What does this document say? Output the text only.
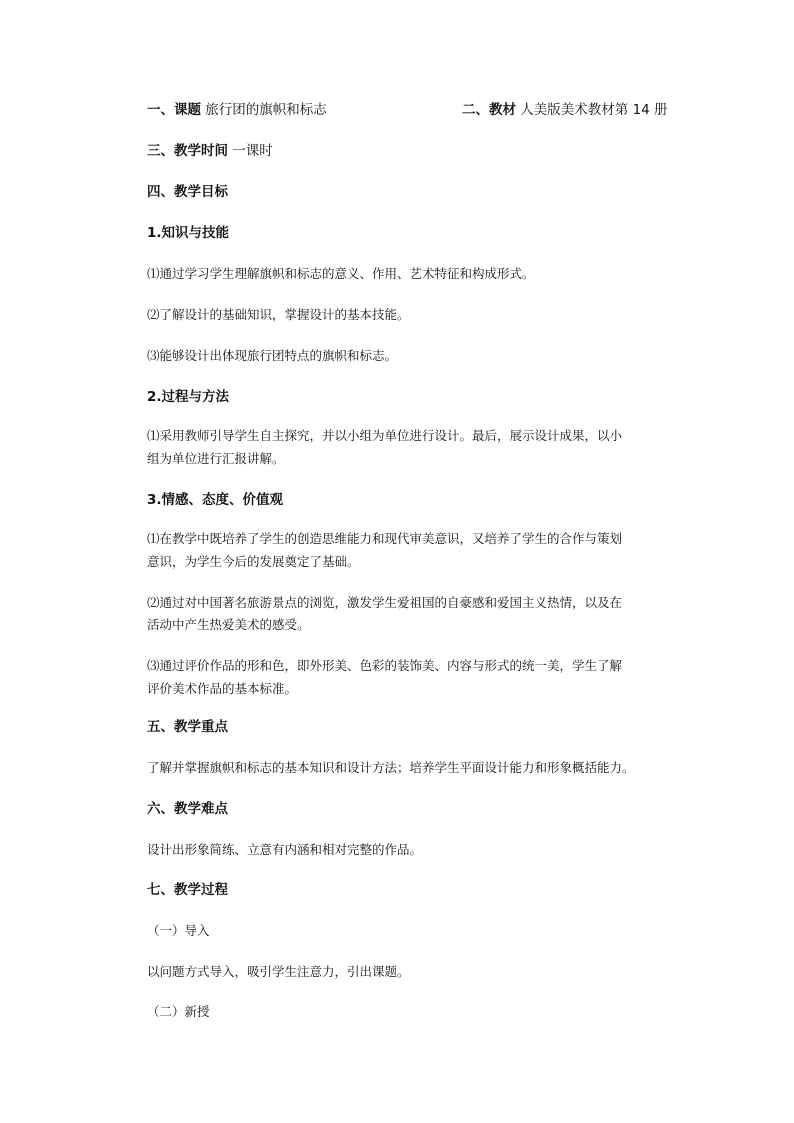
一、课题 旅行团的旗帜和标志	二、教材 人美版美术教材第 14 册
三、教学时间 一课时
四、教学目标
1.知识与技能
⑴通过学习学生理解旗帜和标志的意义、作用、艺术特征和构成形式。
⑵了解设计的基础知识，掌握设计的基本技能。
⑶能够设计出体现旅行团特点的旗帜和标志。
2.过程与方法
⑴采用教师引导学生自主探究，并以小组为单位进行设计。最后，展示设计成果，以小
组为单位进行汇报讲解。
3.情感、态度、价值观
⑴在教学中既培养了学生的创造思维能力和现代审美意识，又培养了学生的合作与策划
意识，为学生今后的发展奠定了基础。
⑵通过对中国著名旅游景点的浏览，激发学生爱祖国的自豪感和爱国主义热情，以及在
活动中产生热爱美术的感受。
⑶通过评价作品的形和色，即外形美、色彩的装饰美、内容与形式的统一美，学生了解
评价美术作品的基本标准。
五、教学重点
了解并掌握旗帜和标志的基本知识和设计方法；培养学生平面设计能力和形象概括能力。
六、教学难点
设计出形象简练、立意有内涵和相对完整的作品。
七、教学过程
（一）导入
以问题方式导入，吸引学生注意力，引出课题。
（二）新授
